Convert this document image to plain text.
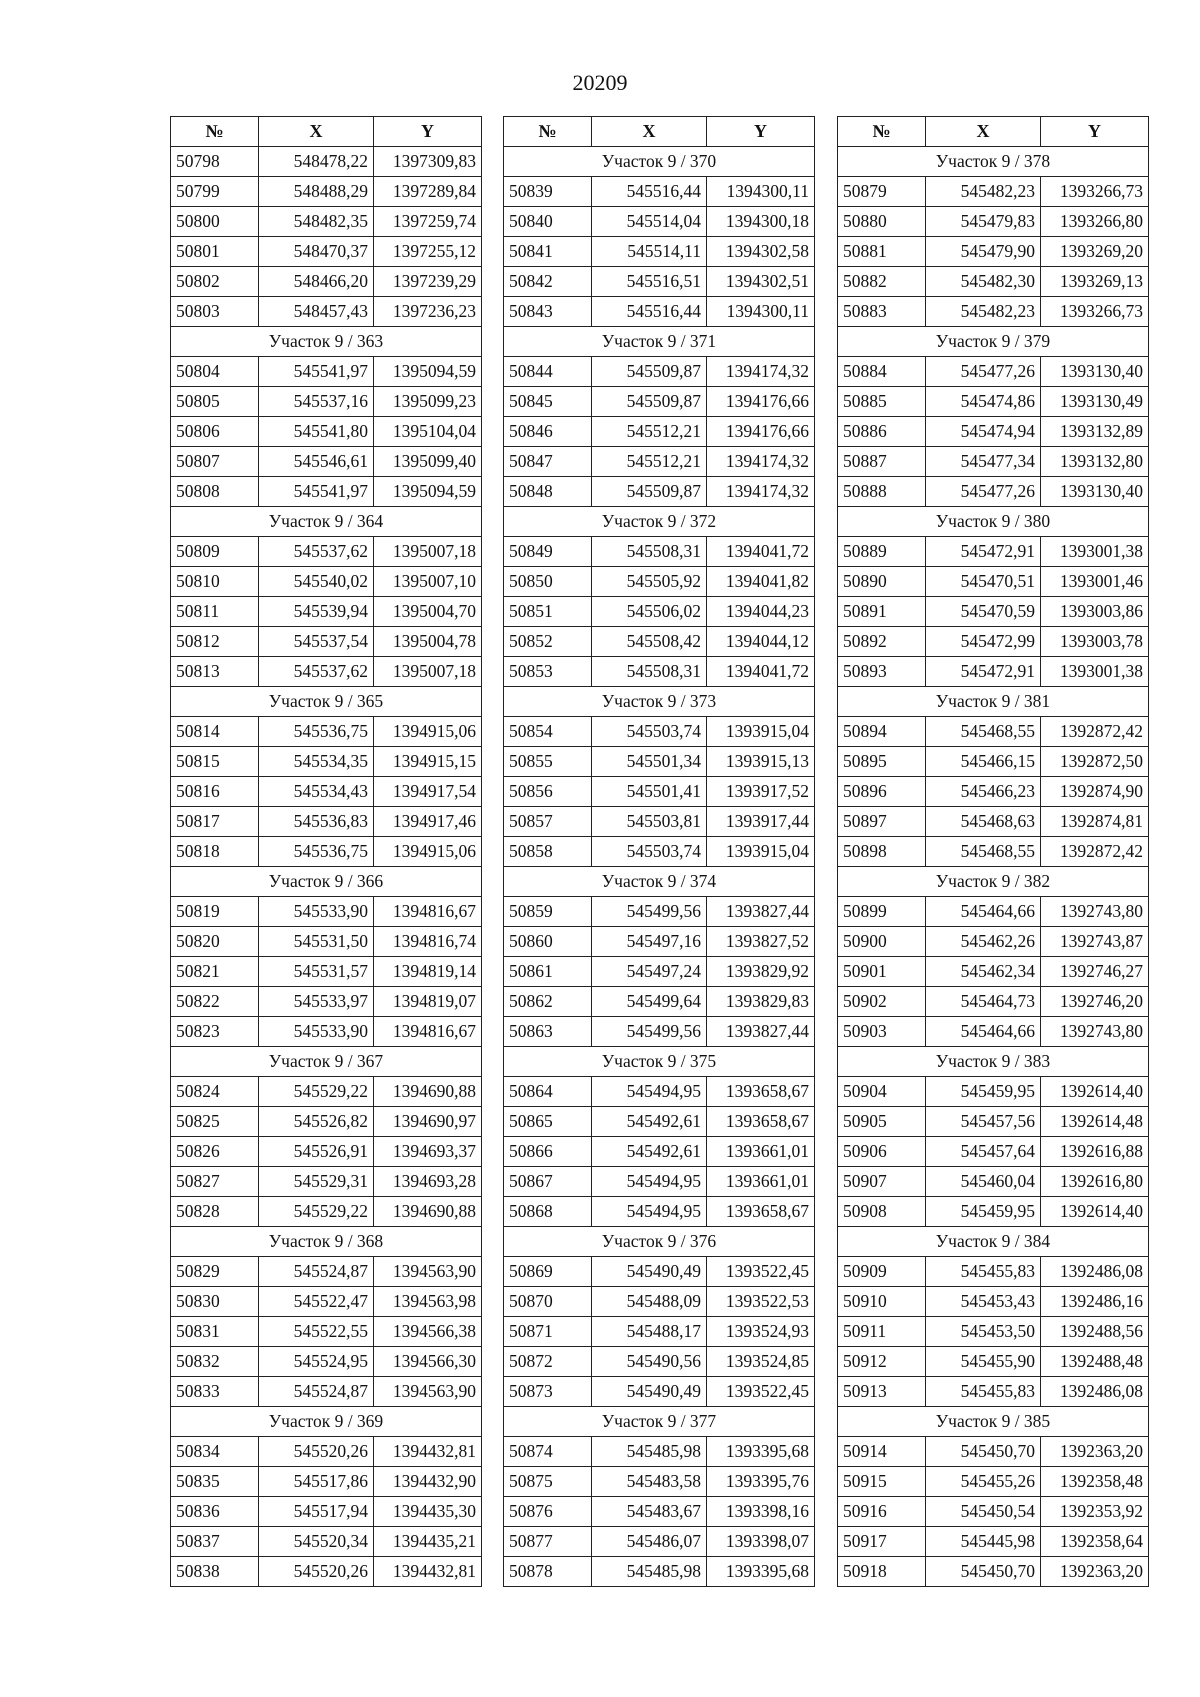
20209
№	X	Y
50798	548478,22	1397309,83
50799	548488,29	1397289,84
50800	548482,35	1397259,74
50801	548470,37	1397255,12
50802	548466,20	1397239,29
50803	548457,43	1397236,23
Участок 9 / 363		
50804	545541,97	1395094,59
50805	545537,16	1395099,23
50806	545541,80	1395104,04
50807	545546,61	1395099,40
50808	545541,97	1395094,59
Участок 9 / 364		
50809	545537,62	1395007,18
50810	545540,02	1395007,10
50811	545539,94	1395004,70
50812	545537,54	1395004,78
50813	545537,62	1395007,18
Участок 9 / 365		
50814	545536,75	1394915,06
50815	545534,35	1394915,15
50816	545534,43	1394917,54
50817	545536,83	1394917,46
50818	545536,75	1394915,06
Участок 9 / 366		
50819	545533,90	1394816,67
50820	545531,50	1394816,74
50821	545531,57	1394819,14
50822	545533,97	1394819,07
50823	545533,90	1394816,67
Участок 9 / 367		
50824	545529,22	1394690,88
50825	545526,82	1394690,97
50826	545526,91	1394693,37
50827	545529,31	1394693,28
50828	545529,22	1394690,88
Участок 9 / 368		
50829	545524,87	1394563,90
50830	545522,47	1394563,98
50831	545522,55	1394566,38
50832	545524,95	1394566,30
50833	545524,87	1394563,90
Участок 9 / 369		
50834	545520,26	1394432,81
50835	545517,86	1394432,90
50836	545517,94	1394435,30
50837	545520,34	1394435,21
50838	545520,26	1394432,81
№	X	Y
Участок 9 / 370		
50839	545516,44	1394300,11
50840	545514,04	1394300,18
50841	545514,11	1394302,58
50842	545516,51	1394302,51
50843	545516,44	1394300,11
Участок 9 / 371		
50844	545509,87	1394174,32
50845	545509,87	1394176,66
50846	545512,21	1394176,66
50847	545512,21	1394174,32
50848	545509,87	1394174,32
Участок 9 / 372		
50849	545508,31	1394041,72
50850	545505,92	1394041,82
50851	545506,02	1394044,23
50852	545508,42	1394044,12
50853	545508,31	1394041,72
Участок 9 / 373		
50854	545503,74	1393915,04
50855	545501,34	1393915,13
50856	545501,41	1393917,52
50857	545503,81	1393917,44
50858	545503,74	1393915,04
Участок 9 / 374		
50859	545499,56	1393827,44
50860	545497,16	1393827,52
50861	545497,24	1393829,92
50862	545499,64	1393829,83
50863	545499,56	1393827,44
Участок 9 / 375		
50864	545494,95	1393658,67
50865	545492,61	1393658,67
50866	545492,61	1393661,01
50867	545494,95	1393661,01
50868	545494,95	1393658,67
Участок 9 / 376		
50869	545490,49	1393522,45
50870	545488,09	1393522,53
50871	545488,17	1393524,93
50872	545490,56	1393524,85
50873	545490,49	1393522,45
Участок 9 / 377		
50874	545485,98	1393395,68
50875	545483,58	1393395,76
50876	545483,67	1393398,16
50877	545486,07	1393398,07
50878	545485,98	1393395,68
№	X	Y
Участок 9 / 378		
50879	545482,23	1393266,73
50880	545479,83	1393266,80
50881	545479,90	1393269,20
50882	545482,30	1393269,13
50883	545482,23	1393266,73
Участок 9 / 379		
50884	545477,26	1393130,40
50885	545474,86	1393130,49
50886	545474,94	1393132,89
50887	545477,34	1393132,80
50888	545477,26	1393130,40
Участок 9 / 380		
50889	545472,91	1393001,38
50890	545470,51	1393001,46
50891	545470,59	1393003,86
50892	545472,99	1393003,78
50893	545472,91	1393001,38
Участок 9 / 381		
50894	545468,55	1392872,42
50895	545466,15	1392872,50
50896	545466,23	1392874,90
50897	545468,63	1392874,81
50898	545468,55	1392872,42
Участок 9 / 382		
50899	545464,66	1392743,80
50900	545462,26	1392743,87
50901	545462,34	1392746,27
50902	545464,73	1392746,20
50903	545464,66	1392743,80
Участок 9 / 383		
50904	545459,95	1392614,40
50905	545457,56	1392614,48
50906	545457,64	1392616,88
50907	545460,04	1392616,80
50908	545459,95	1392614,40
Участок 9 / 384		
50909	545455,83	1392486,08
50910	545453,43	1392486,16
50911	545453,50	1392488,56
50912	545455,90	1392488,48
50913	545455,83	1392486,08
Участок 9 / 385		
50914	545450,70	1392363,20
50915	545455,26	1392358,48
50916	545450,54	1392353,92
50917	545445,98	1392358,64
50918	545450,70	1392363,20
